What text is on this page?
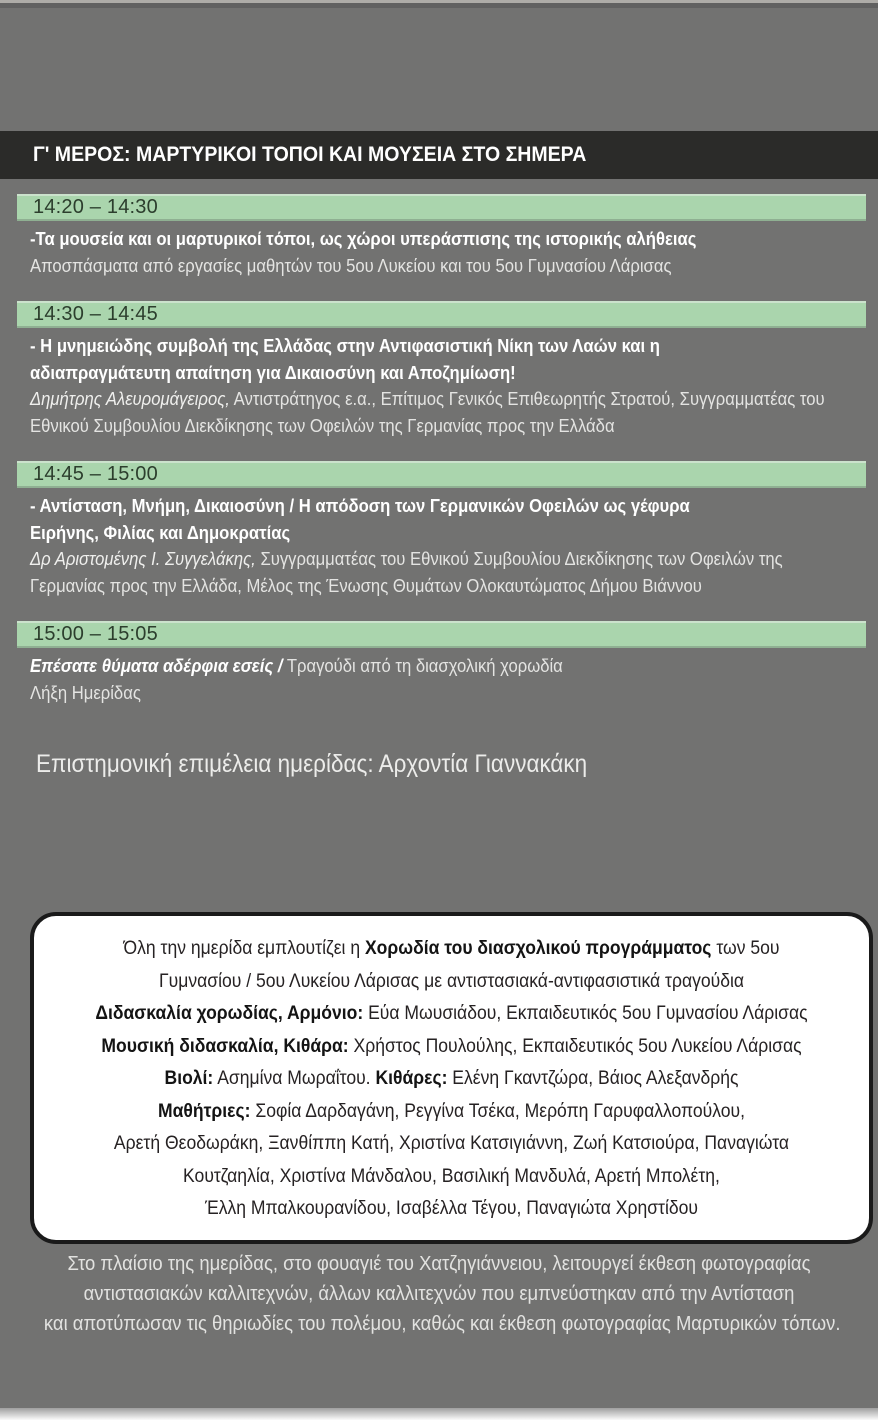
Γ' ΜΕΡΟΣ: ΜΑΡΤΥΡΙΚΟΙ ΤΟΠΟΙ ΚΑΙ ΜΟΥΣΕΙΑ ΣΤΟ ΣΗΜΕΡΑ
14:20 – 14:30
-Τα μουσεία και οι μαρτυρικοί τόποι, ως χώροι υπεράσπισης της ιστορικής αλήθειας
Αποσπάσματα από εργασίες μαθητών του 5ου Λυκείου και του 5ου Γυμνασίου Λάρισας
14:30 – 14:45
- Η μνημειώδης συμβολή της Ελλάδας στην Αντιφασιστική Νίκη των Λαών και η
αδιαπραγμάτευτη απαίτηση για Δικαιοσύνη και Αποζημίωση!
Δημήτρης Αλευρομάγειρος, Αντιστράτηγος ε.α., Επίτιμος Γενικός Επιθεωρητής Στρατού, Συγγραμματέας του
Εθνικού Συμβουλίου Διεκδίκησης των Οφειλών της Γερμανίας προς την Ελλάδα
14:45 – 15:00
- Αντίσταση, Μνήμη, Δικαιοσύνη / Η απόδοση των Γερμανικών Οφειλών ως γέφυρα
Ειρήνης, Φιλίας και Δημοκρατίας
Δρ Αριστομένης Ι. Συγγελάκης, Συγγραμματέας του Εθνικού Συμβουλίου Διεκδίκησης των Οφειλών της
Γερμανίας προς την Ελλάδα, Μέλος της Ένωσης Θυμάτων Ολοκαυτώματος Δήμου Βιάννου
15:00 – 15:05
Επέσατε θύματα αδέρφια εσείς / Τραγούδι από τη διασχολική χορωδία
Λήξη Ημερίδας
Επιστημονική επιμέλεια ημερίδας: Αρχοντία Γιαννακάκη
Όλη την ημερίδα εμπλουτίζει η Χορωδία του διασχολικού προγράμματος των 5ου
Γυμνασίου / 5ου Λυκείου Λάρισας με αντιστασιακά-αντιφασιστικά τραγούδια
Διδασκαλία χορωδίας, Αρμόνιο: Εύα Μωυσιάδου, Εκπαιδευτικός 5ου Γυμνασίου Λάρισας
Μουσική διδασκαλία, Κιθάρα: Χρήστος Πουλούλης, Εκπαιδευτικός 5ου Λυκείου Λάρισας
Βιολί: Ασημίνα Μωραΐτου. Κιθάρες: Ελένη Γκαντζώρα, Βάιος Αλεξανδρής
Μαθήτριες: Σοφία Δαρδαγάνη, Ρεγγίνα Τσέκα, Μερόπη Γαρυφαλλοπούλου,
Αρετή Θεοδωράκη, Ξανθίππη Κατή, Χριστίνα Κατσιγιάννη, Ζωή Κατσιούρα, Παναγιώτα
Κουτζαηλία, Χριστίνα Μάνδαλου, Βασιλική Μανδυλά, Αρετή Μπολέτη,
Έλλη Μπαλκουρανίδου, Ισαβέλλα Τέγου, Παναγιώτα Χρηστίδου
Στο πλαίσιο της ημερίδας, στο φουαγιέ του Χατζηγιάννειου, λειτουργεί έκθεση φωτογραφίας
αντιστασιακών καλλιτεχνών, άλλων καλλιτεχνών που εμπνεύστηκαν από την Αντίσταση
και αποτύπωσαν τις θηριωδίες του πολέμου, καθώς και έκθεση φωτογραφίας Μαρτυρικών τόπων.
